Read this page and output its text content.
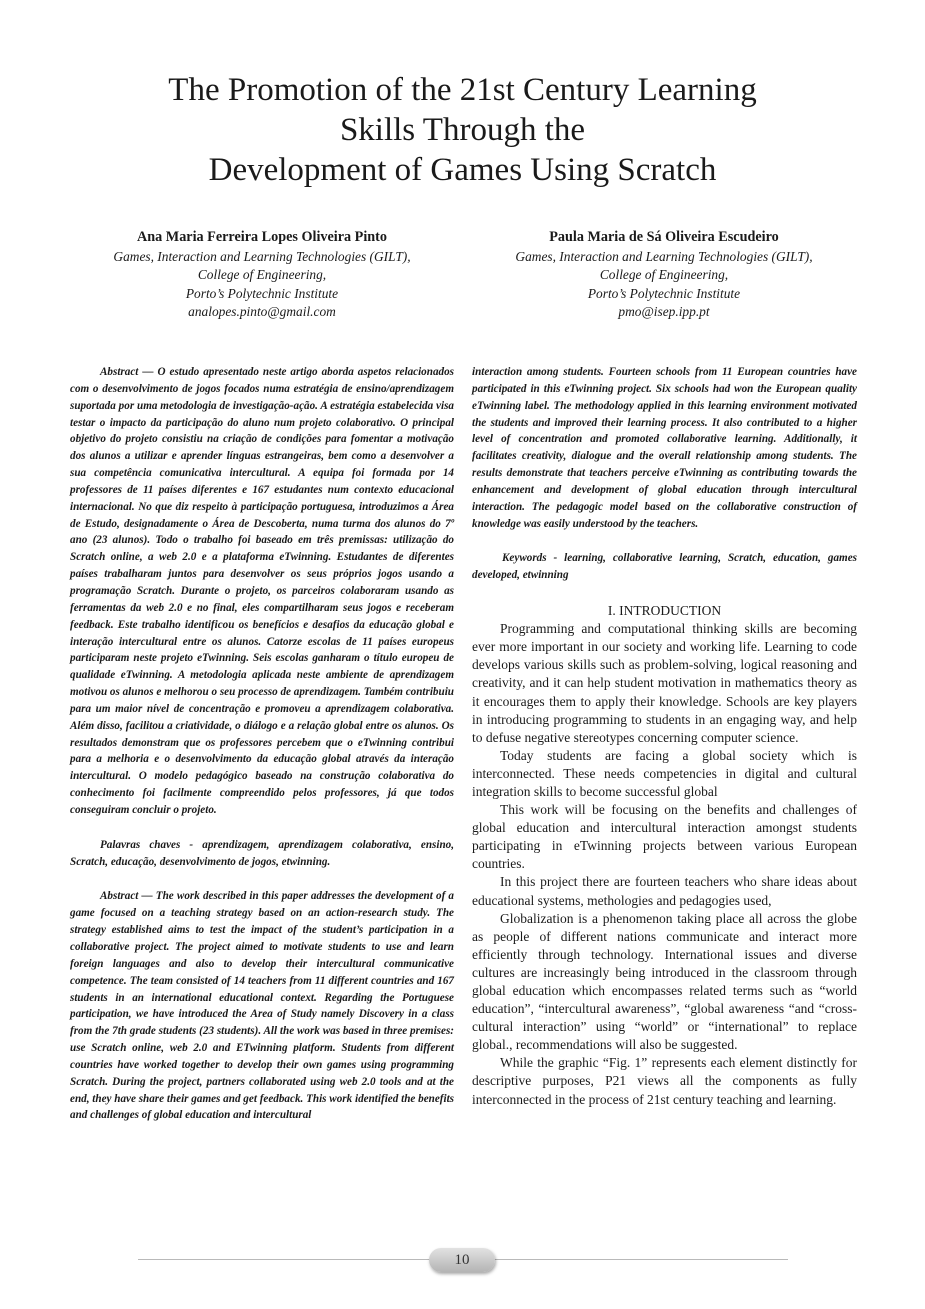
The Promotion of the 21st Century Learning
Skills Through the
Development of Games Using Scratch
Ana Maria Ferreira Lopes Oliveira Pinto
Games, Interaction and Learning Technologies (GILT),
College of Engineering,
Porto’s Polytechnic Institute
analopes.pinto@gmail.com
Paula Maria de Sá Oliveira Escudeiro
Games, Interaction and Learning Technologies (GILT),
College of Engineering,
Porto’s Polytechnic Institute
pmo@isep.ipp.pt

Abstract — O estudo apresentado neste artigo aborda aspetos relacionados com o desenvolvimento de jogos focados numa estratégia de ensino/aprendizagem suportada por uma metodologia de investigação-ação. A estratégia estabelecida visa testar o impacto da participação do aluno num projeto colaborativo. O principal objetivo do projeto consistiu na criação de condições para fomentar a motivação dos alunos a utilizar e aprender línguas estrangeiras, bem como a desenvolver a sua competência comunicativa intercultural. A equipa foi formada por 14 professores de 11 países diferentes e 167 estudantes num contexto educacional internacional. No que diz respeito à participação portuguesa, introduzimos a Área de Estudo, designadamente o Área de Descoberta, numa turma dos alunos do 7º ano (23 alunos). Todo o trabalho foi baseado em três premissas: utilização do Scratch online, a web 2.0 e a plataforma eTwinning. Estudantes de diferentes países trabalharam juntos para desenvolver os seus próprios jogos usando a programação Scratch. Durante o projeto, os parceiros colaboraram usando as ferramentas da web 2.0 e no final, eles compartilharam seus jogos e receberam feedback. Este trabalho identificou os benefícios e desafios da educação global e interação intercultural entre os alunos. Catorze escolas de 11 países europeus participaram neste projeto eTwinning. Seis escolas ganharam o título europeu de qualidade eTwinning. A metodologia aplicada neste ambiente de aprendizagem motivou os alunos e melhorou o seu processo de aprendizagem. Também contribuiu para um maior nível de concentração e promoveu a aprendizagem colaborativa. Além disso, facilitou a criatividade, o diálogo e a relação global entre os alunos. Os resultados demonstram que os professores percebem que o eTwinning contribui para a melhoria e o desenvolvimento da educação global através da interação intercultural. O modelo pedagógico baseado na construção colaborativa do conhecimento foi facilmente compreendido pelos professores, já que todos conseguiram concluir o projeto.

Palavras chaves - aprendizagem, aprendizagem colaborativa, ensino, Scratch, educação, desenvolvimento de jogos, etwinning.

Abstract — The work described in this paper addresses the development of a game focused on a teaching strategy based on an action-research study. The strategy established aims to test the impact of the student’s participation in a collaborative project. The project aimed to motivate students to use and learn foreign languages and also to develop their intercultural communicative competence. The team consisted of 14 teachers from 11 different countries and 167 students in an international educational context. Regarding the Portuguese participation, we have introduced the Area of Study namely Discovery in a class from the 7th grade students (23 students). All the work was based in three premises: use Scratch online, web 2.0 and ETwinning platform. Students from different countries have worked together to develop their own games using programming Scratch. During the project, partners collaborated using web 2.0 tools and at the end, they have share their games and get feedback. This work identified the benefits and challenges of global education and intercultural

interaction among students. Fourteen schools from 11 European countries have participated in this eTwinning project. Six schools had won the European quality eTwinning label. The methodology applied in this learning environment motivated the students and improved their learning process. It also contributed to a higher level of concentration and promoted collaborative learning. Additionally, it facilitates creativity, dialogue and the overall relationship among students. The results demonstrate that teachers perceive eTwinning as contributing towards the enhancement and development of global education through intercultural interaction. The pedagogic model based on the collaborative construction of knowledge was easily understood by the teachers.

Keywords - learning, collaborative learning, Scratch, education, games developed, etwinning

I. INTRODUCTION

Programming and computational thinking skills are becoming ever more important in our society and working life. Learning to code develops various skills such as problem-solving, logical reasoning and creativity, and it can help student motivation in mathematics theory as it encourages them to apply their knowledge. Schools are key players in introducing programming to students in an engaging way, and help to defuse negative stereotypes concerning computer science.

Today students are facing a global society which is interconnected. These needs competencies in digital and cultural integration skills to become successful global

This work will be focusing on the benefits and challenges of global education and intercultural interaction amongst students participating in eTwinning projects between various European countries.

In this project there are fourteen teachers who share ideas about educational systems, methologies and pedagogies used,

Globalization is a phenomenon taking place all across the globe as people of different nations communicate and interact more efficiently through technology. International issues and diverse cultures are increasingly being introduced in the classroom through global education which encompasses related terms such as “world education”, “intercultural awareness”, “global awareness “and “cross-cultural interaction” using “world” or “international” to replace global., recommendations will also be suggested.

While the graphic “Fig. 1” represents each element distinctly for descriptive purposes, P21 views all the components as fully interconnected in the process of 21st century teaching and learning.

10
